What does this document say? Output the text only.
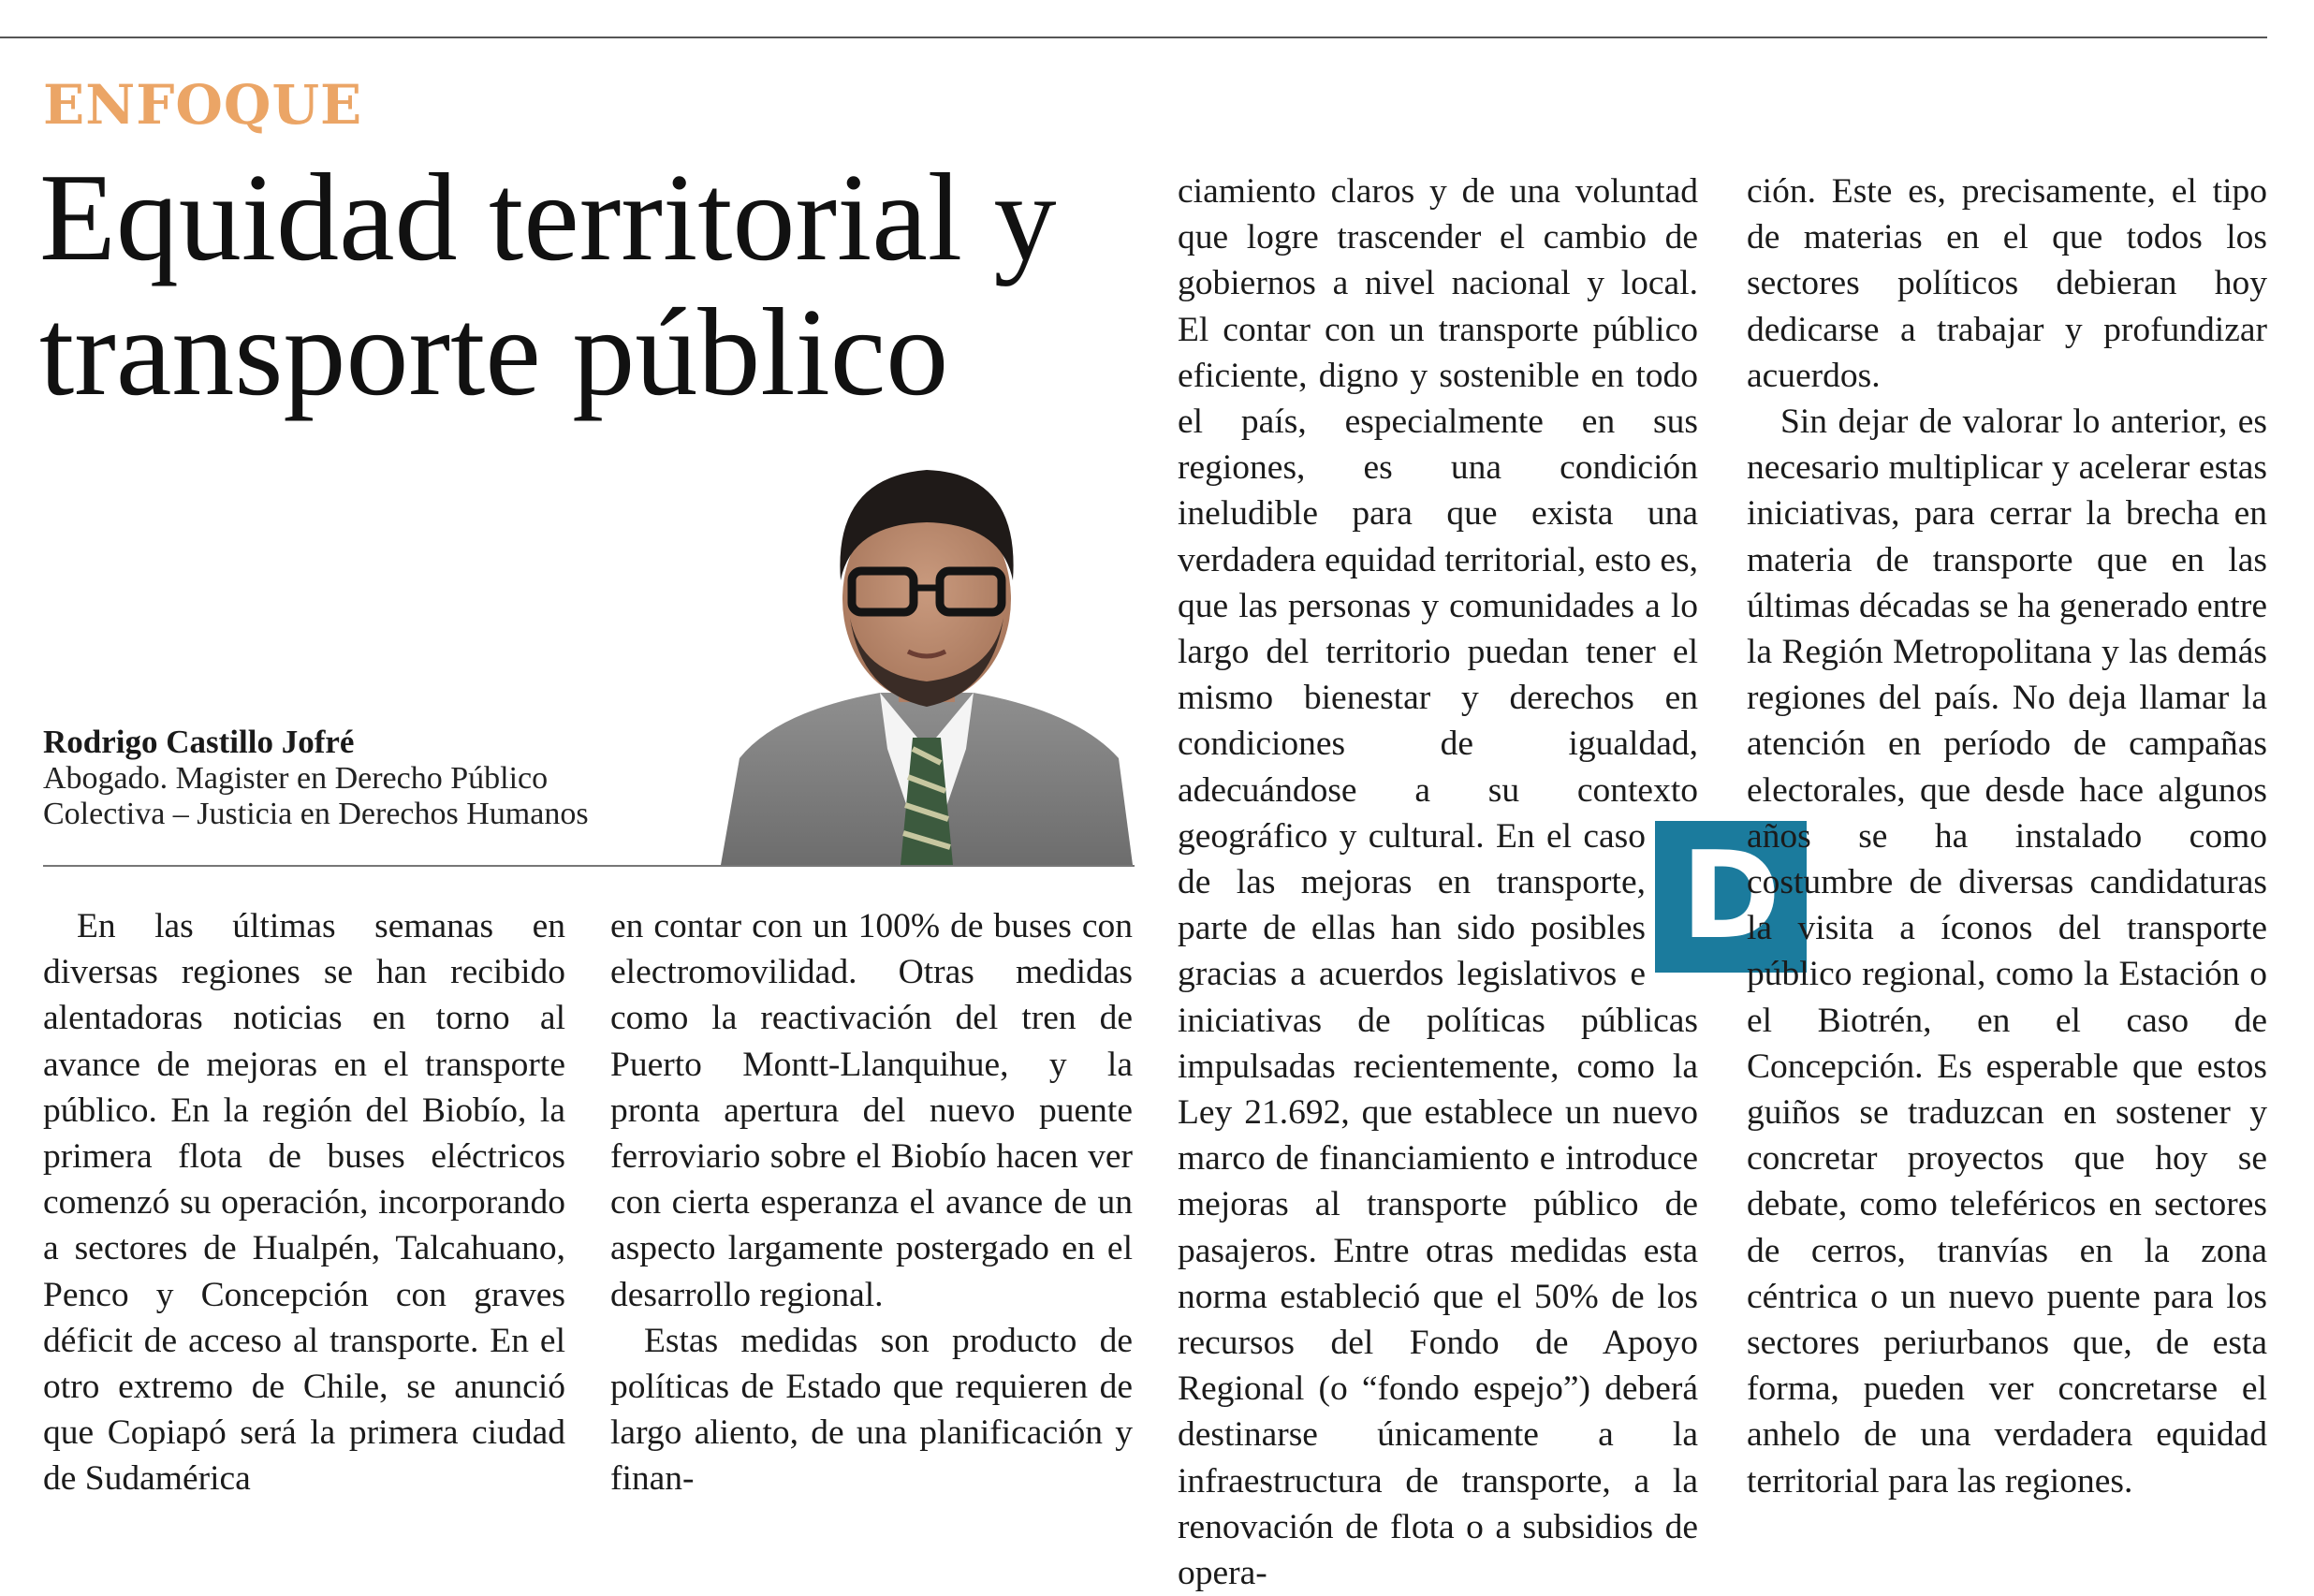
ENFOQUE
Equidad territorial y transporte público
Rodrigo Castillo Jofré
Abogado. Magister en Derecho Público
Colectiva – Justicia en Derechos Humanos

En las últimas semanas en diversas regiones se han recibido alentadoras noticias en torno al avance de mejoras en el transporte público. En la región del Biobío, la primera flota de buses eléctricos comenzó su operación, incorporando a sectores de Hualpén, Talcahuano, Penco y Concepción con graves déficit de acceso al transporte. En el otro extremo de Chile, se anunció que Copiapó será la primera ciudad de Sudamérica

en contar con un 100% de buses con electromovilidad. Otras medidas como la reactivación del tren de Puerto Montt-Llanquihue, y la pronta apertura del nuevo puente ferroviario sobre el Biobío hacen ver con cierta esperanza el avance de un aspecto largamente postergado en el desarrollo regional.

Estas medidas son producto de políticas de Estado que requieren de largo aliento, de una planificación y finan-

ciamiento claros y de una voluntad que logre trascender el cambio de gobiernos a nivel nacional y local. El contar con un transporte público eficiente, digno y sostenible en todo el país, especialmente en sus regiones, es una condición ineludible para que exista una verdadera equidad territorial, esto es, que las personas y comunidades a lo largo del territorio puedan tener el mismo bienestar y derechos en condiciones de igualdad, adecuándose a su contexto geográfico y cultural. D
En el caso de las mejoras en transporte, parte de ellas han sido posibles gracias a acuerdos legislativos e iniciativas de políticas públicas impulsadas recientemente, como la Ley 21.692, que establece un nuevo marco de financiamiento e introduce mejoras al transporte público de pasajeros. Entre otras medidas esta norma estableció que el 50% de los recursos del Fondo de Apoyo Regional (o “fondo espejo”) deberá destinarse únicamente a la infraestructura de transporte, a la renovación de flota o a subsidios de opera-

ción. Este es, precisamente, el tipo de materias en el que todos los sectores políticos debieran hoy dedicarse a trabajar y profundizar acuerdos.

Sin dejar de valorar lo anterior, es necesario multiplicar y acelerar estas iniciativas, para cerrar la brecha en materia de transporte que en las últimas décadas se ha generado entre la Región Metropolitana y las demás regiones del país. No deja llamar la atención en período de campañas electorales, que desde hace algunos años se ha instalado como costumbre de diversas candidaturas la visita a íconos del transporte público regional, como la Estación o el Biotrén, en el caso de Concepción. Es esperable que estos guiños se traduzcan en sostener y concretar proyectos que hoy se debate, como teleféricos en sectores de cerros, tranvías en la zona céntrica o un nuevo puente para los sectores periurbanos que, de esta forma, pueden ver concretarse el anhelo de una verdadera equidad territorial para las regiones.
